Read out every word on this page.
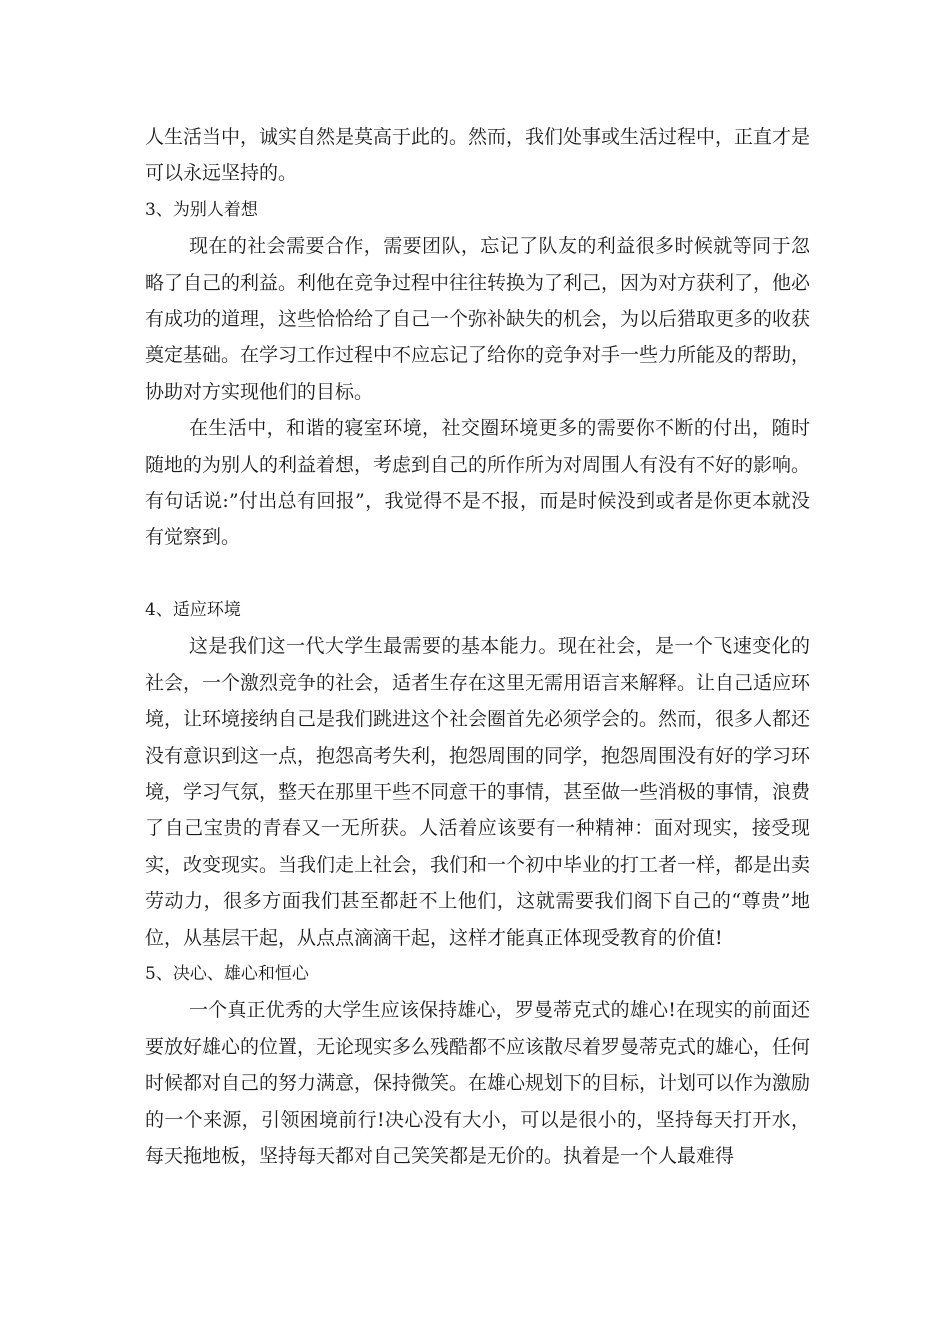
人生活当中，诚实自然是莫高于此的。然而，我们处事或生活过程中，正直才是可以永远坚持的。

3、为别人着想

现在的社会需要合作，需要团队，忘记了队友的利益很多时候就等同于忽略了自己的利益。利他在竞争过程中往往转换为了利己，因为对方获利了，他必有成功的道理，这些恰恰给了自己一个弥补缺失的机会，为以后猎取更多的收获奠定基础。在学习工作过程中不应忘记了给你的竞争对手一些力所能及的帮助，协助对方实现他们的目标。

在生活中，和谐的寝室环境，社交圈环境更多的需要你不断的付出，随时随地的为别人的利益着想，考虑到自己的所作所为对周围人有没有不好的影响。有句话说:”付出总有回报”，我觉得不是不报，而是时候没到或者是你更本就没有觉察到。

4、适应环境

这是我们这一代大学生最需要的基本能力。现在社会，是一个飞速变化的社会，一个激烈竞争的社会，适者生存在这里无需用语言来解释。让自己适应环境，让环境接纳自己是我们跳进这个社会圈首先必须学会的。然而，很多人都还没有意识到这一点，抱怨高考失利，抱怨周围的同学，抱怨周围没有好的学习环境，学习气氛，整天在那里干些不同意干的事情，甚至做一些消极的事情，浪费了自己宝贵的青春又一无所获。人活着应该要有一种精神：面对现实，接受现实，改变现实。当我们走上社会，我们和一个初中毕业的打工者一样，都是出卖劳动力，很多方面我们甚至都赶不上他们，这就需要我们阁下自己的“尊贵”地位，从基层干起，从点点滴滴干起，这样才能真正体现受教育的价值!

5、决心、雄心和恒心

一个真正优秀的大学生应该保持雄心，罗曼蒂克式的雄心!在现实的前面还要放好雄心的位置，无论现实多么残酷都不应该散尽着罗曼蒂克式的雄心，任何时候都对自己的努力满意，保持微笑。在雄心规划下的目标，计划可以作为激励的一个来源，引领困境前行!决心没有大小，可以是很小的，坚持每天打开水，每天拖地板，坚持每天都对自己笑笑都是无价的。执着是一个人最难得
